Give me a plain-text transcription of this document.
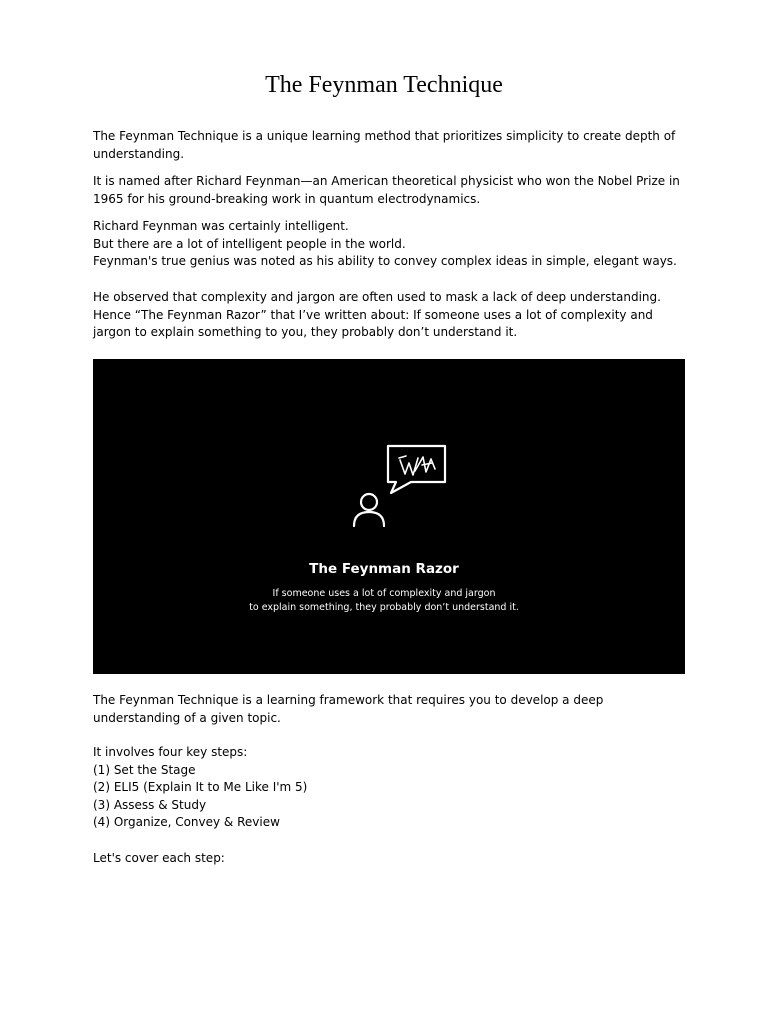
The Feynman Technique

The Feynman Technique is a unique learning method that prioritizes simplicity to create depth of understanding.

It is named after Richard Feynman—an American theoretical physicist who won the Nobel Prize in 1965 for his ground-breaking work in quantum electrodynamics.

Richard Feynman was certainly intelligent.
But there are a lot of intelligent people in the world.
Feynman's true genius was noted as his ability to convey complex ideas in simple, elegant ways.

He observed that complexity and jargon are often used to mask a lack of deep understanding. Hence “The Feynman Razor” that I’ve written about: If someone uses a lot of complexity and jargon to explain something to you, they probably don’t understand it.

The Feynman Razor

If someone uses a lot of complexity and jargon
to explain something, they probably don’t understand it.

The Feynman Technique is a learning framework that requires you to develop a deep understanding of a given topic.

It involves four key steps:
(1) Set the Stage
(2) ELI5 (Explain It to Me Like I'm 5)
(3) Assess & Study
(4) Organize, Convey & Review

Let's cover each step:
